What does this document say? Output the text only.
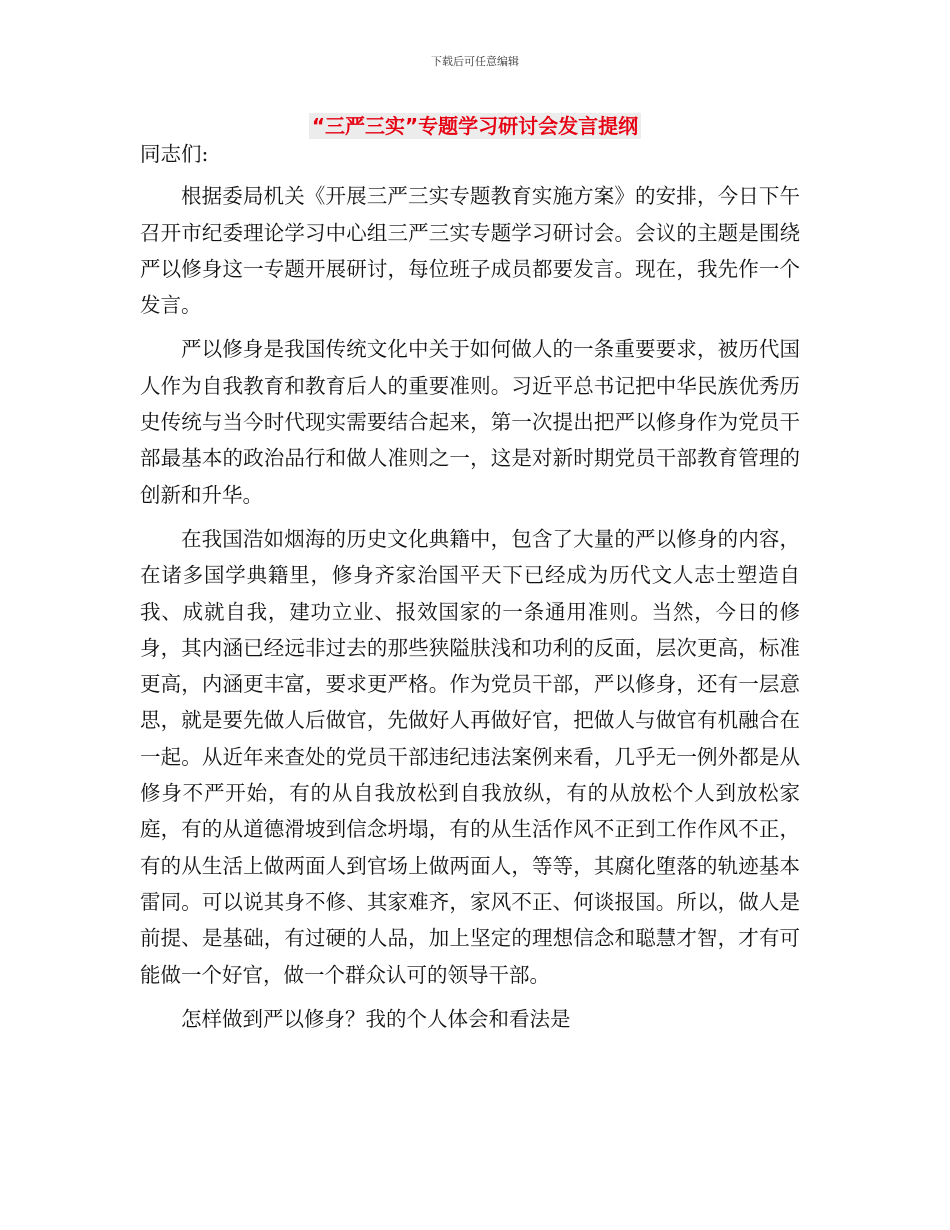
下载后可任意编辑
“三严三实”专题学习研讨会发言提纲

同志们:

根据委局机关《开展三严三实专题教育实施方案》的安排，今日下午召开市纪委理论学习中心组三严三实专题学习研讨会。会议的主题是围绕严以修身这一专题开展研讨，每位班子成员都要发言。现在，我先作一个发言。

严以修身是我国传统文化中关于如何做人的一条重要要求，被历代国人作为自我教育和教育后人的重要准则。习近平总书记把中华民族优秀历史传统与当今时代现实需要结合起来，第一次提出把严以修身作为党员干部最基本的政治品行和做人准则之一，这是对新时期党员干部教育管理的创新和升华。

在我国浩如烟海的历史文化典籍中，包含了大量的严以修身的内容，在诸多国学典籍里，修身齐家治国平天下已经成为历代文人志士塑造自我、成就自我，建功立业、报效国家的一条通用准则。当然，今日的修身，其内涵已经远非过去的那些狭隘肤浅和功利的反面，层次更高，标准更高，内涵更丰富，要求更严格。作为党员干部，严以修身，还有一层意思，就是要先做人后做官，先做好人再做好官，把做人与做官有机融合在一起。从近年来查处的党员干部违纪违法案例来看，几乎无一例外都是从修身不严开始，有的从自我放松到自我放纵，有的从放松个人到放松家庭，有的从道德滑坡到信念坍塌，有的从生活作风不正到工作作风不正，有的从生活上做两面人到官场上做两面人，等等，其腐化堕落的轨迹基本雷同。可以说其身不修、其家难齐，家风不正、何谈报国。所以，做人是前提、是基础，有过硬的人品，加上坚定的理想信念和聪慧才智，才有可能做一个好官，做一个群众认可的领导干部。

怎样做到严以修身？我的个人体会和看法是
